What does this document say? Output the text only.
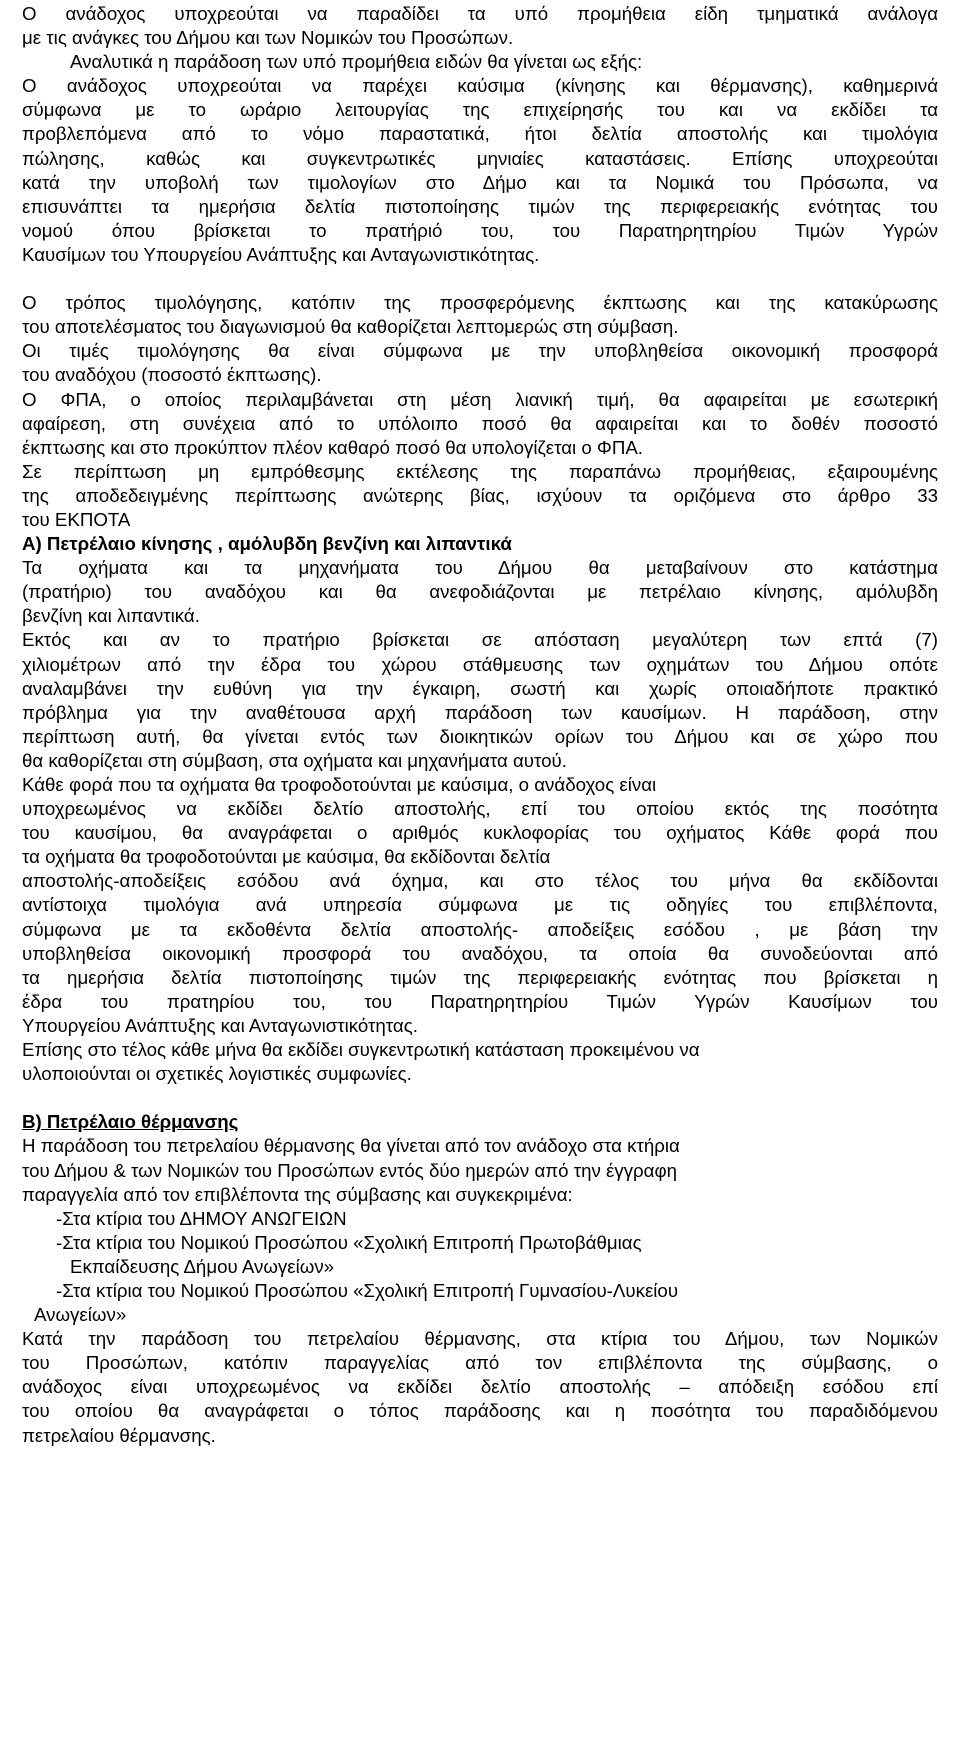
Ο ανάδοχος υποχρεούται να παραδίδει τα υπό προμήθεια είδη τμηματικά ανάλογα
με τις ανάγκες του Δήμου και των Νομικών του Προσώπων.
Αναλυτικά η παράδοση των υπό προμήθεια ειδών θα γίνεται ως εξής:
Ο ανάδοχος υποχρεούται να παρέχει καύσιμα (κίνησης και θέρμανσης), καθημερινά
σύμφωνα με το ωράριο λειτουργίας της επιχείρησής του και να εκδίδει τα
προβλεπόμενα από το νόμο παραστατικά, ήτοι δελτία αποστολής και τιμολόγια
πώλησης, καθώς και συγκεντρωτικές μηνιαίες καταστάσεις. Επίσης υποχρεούται
κατά την υποβολή των τιμολογίων στο Δήμο και τα Νομικά του Πρόσωπα, να
επισυνάπτει τα ημερήσια δελτία πιστοποίησης τιμών της περιφερειακής ενότητας του
νομού όπου βρίσκεται το πρατήριό του, του Παρατηρητηρίου Τιμών Υγρών
Καυσίμων του Υπουργείου Ανάπτυξης και Ανταγωνιστικότητας.
Ο τρόπος τιμολόγησης, κατόπιν της προσφερόμενης έκπτωσης και της κατακύρωσης
του αποτελέσματος του διαγωνισμού θα καθορίζεται λεπτομερώς στη σύμβαση.
Οι τιμές τιμολόγησης θα είναι σύμφωνα με την υποβληθείσα οικονομική προσφορά
του αναδόχου (ποσοστό έκπτωσης).
Ο ΦΠΑ, ο οποίος περιλαμβάνεται στη μέση λιανική τιμή, θα αφαιρείται με εσωτερική
αφαίρεση, στη συνέχεια από το υπόλοιπο ποσό θα αφαιρείται και το δοθέν ποσοστό
έκπτωσης και στο προκύπτον πλέον καθαρό ποσό θα υπολογίζεται ο ΦΠΑ.
Σε περίπτωση μη εμπρόθεσμης εκτέλεσης της παραπάνω προμήθειας, εξαιρουμένης
της αποδεδειγμένης περίπτωσης ανώτερης βίας, ισχύουν τα οριζόμενα στο άρθρο 33
του ΕΚΠΟΤΑ
Α) Πετρέλαιο κίνησης , αμόλυβδη βενζίνη και λιπαντικά
Τα οχήματα και τα μηχανήματα του Δήμου θα μεταβαίνουν στο κατάστημα
(πρατήριο) του αναδόχου και θα ανεφοδιάζονται με πετρέλαιο κίνησης, αμόλυβδη
βενζίνη και λιπαντικά.
Εκτός και αν το πρατήριο βρίσκεται σε απόσταση μεγαλύτερη των επτά (7)
χιλιομέτρων από την έδρα του χώρου στάθμευσης των οχημάτων του Δήμου οπότε
αναλαμβάνει την ευθύνη για την έγκαιρη, σωστή και χωρίς οποιαδήποτε πρακτικό
πρόβλημα για την αναθέτουσα αρχή παράδοση των καυσίμων. Η παράδοση, στην
περίπτωση αυτή, θα γίνεται εντός των διοικητικών ορίων του Δήμου και σε χώρο που
θα καθορίζεται στη σύμβαση, στα οχήματα και μηχανήματα αυτού.
Κάθε φορά που τα οχήματα θα τροφοδοτούνται με καύσιμα, ο ανάδοχος είναι
υποχρεωμένος να εκδίδει δελτίο αποστολής, επί του οποίου εκτός της ποσότητα
του καυσίμου, θα αναγράφεται ο αριθμός κυκλοφορίας του οχήματος Κάθε φορά που
τα οχήματα θα τροφοδοτούνται με καύσιμα, θα εκδίδονται δελτία
αποστολής-αποδείξεις εσόδου ανά όχημα, και στο τέλος του μήνα θα εκδίδονται
αντίστοιχα τιμολόγια ανά υπηρεσία σύμφωνα με τις οδηγίες του επιβλέποντα,
σύμφωνα με τα εκδοθέντα δελτία αποστολής- αποδείξεις εσόδου , με βάση την
υποβληθείσα οικονομική προσφορά του αναδόχου, τα οποία θα συνοδεύονται από
τα ημερήσια δελτία πιστοποίησης τιμών της περιφερειακής ενότητας που βρίσκεται η
έδρα του πρατηρίου του, του Παρατηρητηρίου Τιμών Υγρών Καυσίμων του
Υπουργείου Ανάπτυξης και Ανταγωνιστικότητας.
Επίσης στο τέλος κάθε μήνα θα εκδίδει συγκεντρωτική κατάσταση προκειμένου να
υλοποιούνται οι σχετικές λογιστικές συμφωνίες.
Β) Πετρέλαιο θέρμανσης
Η παράδοση του πετρελαίου θέρμανσης θα γίνεται από τον ανάδοχο στα κτήρια
του Δήμου & των Νομικών του Προσώπων εντός δύο ημερών από την έγγραφη
παραγγελία από τον επιβλέποντα της σύμβασης και συγκεκριμένα:
-Στα κτίρια του ΔΗΜΟΥ ΑΝΩΓΕΙΩΝ
-Στα κτίρια του Νομικού Προσώπου «Σχολική Επιτροπή Πρωτοβάθμιας
Εκπαίδευσης Δήμου Ανωγείων»
-Στα κτίρια του Νομικού Προσώπου «Σχολική Επιτροπή Γυμνασίου-Λυκείου
Ανωγείων»
Κατά την παράδοση του πετρελαίου θέρμανσης, στα κτίρια του Δήμου, των Νομικών
του Προσώπων, κατόπιν παραγγελίας από τον επιβλέποντα της σύμβασης, ο
ανάδοχος είναι υποχρεωμένος να εκδίδει δελτίο αποστολής – απόδειξη εσόδου επί
του οποίου θα αναγράφεται ο τόπος παράδοσης και η ποσότητα του παραδιδόμενου
πετρελαίου θέρμανσης.
